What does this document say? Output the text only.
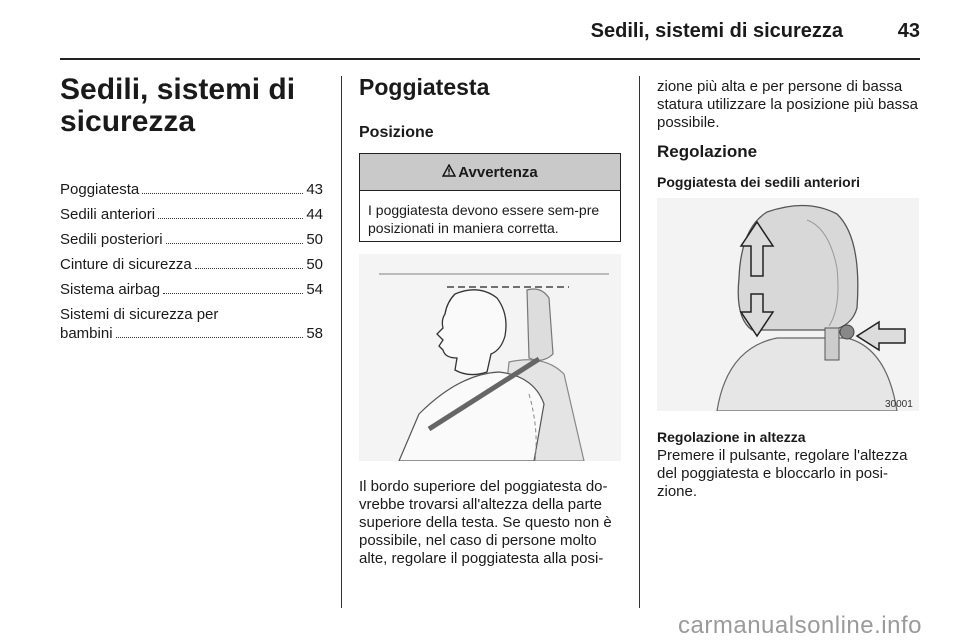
Sedili, sistemi di sicurezza	43
Sedili, sistemi di sicurezza
Poggiatesta	43
Sedili anteriori	44
Sedili posteriori	50
Cinture di sicurezza	50
Sistema airbag	54
Sistemi di sicurezza per
bambini	58
Poggiatesta
Posizione
Avvertenza
I poggiatesta devono essere sem-pre posizionati in maniera corretta.
Il bordo superiore del poggiatesta do-vrebbe trovarsi all'altezza della parte superiore della testa. Se questo non è possibile, nel caso di persone molto alte, regolare il poggiatesta alla posi-
zione più alta e per persone di bassa statura utilizzare la posizione più bassa possibile.
Regolazione
Poggiatesta dei sedili anteriori
30001
Regolazione in altezza
Premere il pulsante, regolare l'altezza del poggiatesta e bloccarlo in posi-zione.
carmanualsonline.info
